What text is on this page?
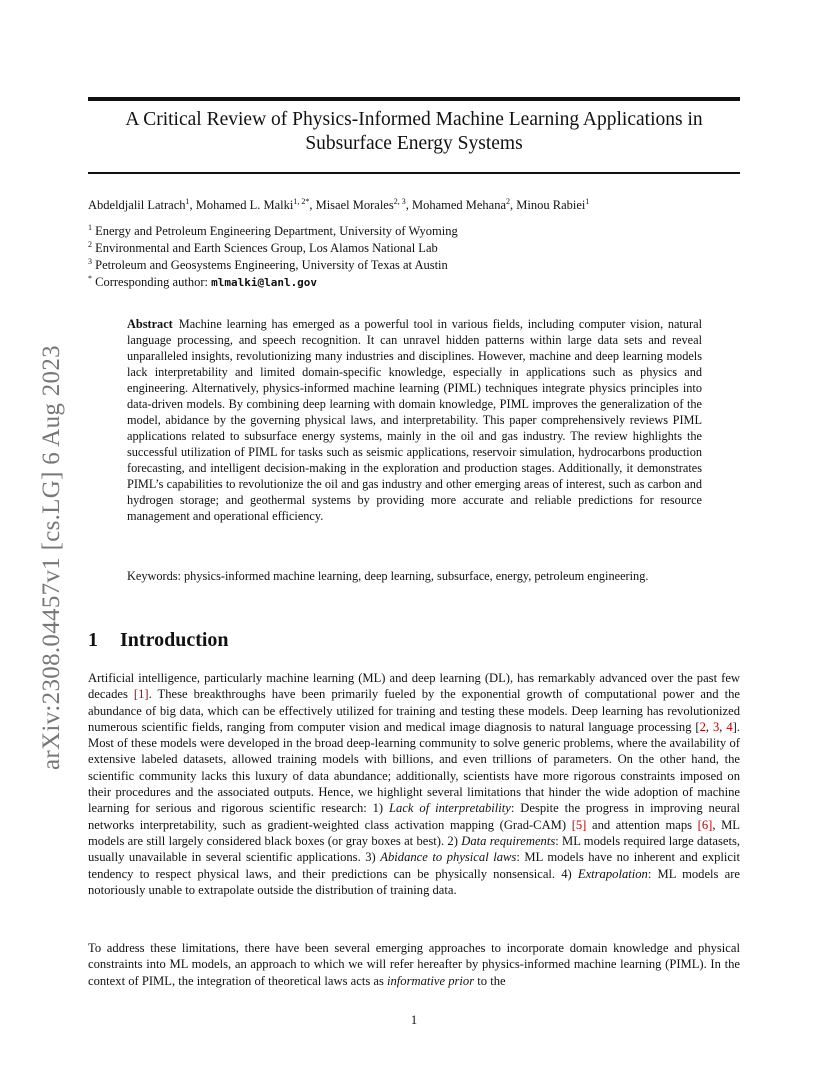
arXiv:2308.04457v1 [cs.LG] 6 Aug 2023
A Critical Review of Physics-Informed Machine Learning Applications in Subsurface Energy Systems
Abdeldjalil Latrach$^1$, Mohamed L. Malki$^{1, 2*}$, Misael Morales$^{2, 3}$, Mohamed Mehana$^2$, Minou Rabiei$^1$
$^1$ Energy and Petroleum Engineering Department, University of Wyoming
$^2$ Environmental and Earth Sciences Group, Los Alamos National Lab
$^3$ Petroleum and Geosystems Engineering, University of Texas at Austin
* Corresponding author: mlmalki@lanl.gov
Abstract Machine learning has emerged as a powerful tool in various fields, including computer vision, natural language processing, and speech recognition. It can unravel hidden patterns within large data sets and reveal unparalleled insights, revolutionizing many industries and disciplines. However, machine and deep learning models lack interpretability and limited domain-specific knowledge, especially in applications such as physics and engineering. Alternatively, physics-informed machine learning (PIML) techniques integrate physics principles into data-driven models. By combining deep learning with domain knowledge, PIML improves the generalization of the model, abidance by the governing physical laws, and interpretability. This paper comprehensively reviews PIML applications related to subsurface energy systems, mainly in the oil and gas industry. The review highlights the successful utilization of PIML for tasks such as seismic applications, reservoir simulation, hydrocarbons production forecasting, and intelligent decision-making in the exploration and production stages. Additionally, it demonstrates PIML’s capabilities to revolutionize the oil and gas industry and other emerging areas of interest, such as carbon and hydrogen storage; and geothermal systems by providing more accurate and reliable predictions for resource management and operational efficiency.
Keywords: physics-informed machine learning, deep learning, subsurface, energy, petroleum engineering.
1 Introduction
Artificial intelligence, particularly machine learning (ML) and deep learning (DL), has remarkably advanced over the past few decades [1]. These breakthroughs have been primarily fueled by the exponential growth of computational power and the abundance of big data, which can be effectively utilized for training and testing these models. Deep learning has revolutionized numerous scientific fields, ranging from computer vision and medical image diagnosis to natural language processing [2, 3, 4]. Most of these models were developed in the broad deep-learning community to solve generic problems, where the availability of extensive labeled datasets, allowed training models with billions, and even trillions of parameters. On the other hand, the scientific community lacks this luxury of data abundance; additionally, scientists have more rigorous constraints imposed on their procedures and the associated outputs. Hence, we highlight several limitations that hinder the wide adoption of machine learning for serious and rigorous scientific research: 1) Lack of interpretability: Despite the progress in improving neural networks interpretability, such as gradient-weighted class activation mapping (Grad-CAM) [5] and attention maps [6], ML models are still largely considered black boxes (or gray boxes at best). 2) Data requirements: ML models required large datasets, usually unavailable in several scientific applications. 3) Abidance to physical laws: ML models have no inherent and explicit tendency to respect physical laws, and their predictions can be physically nonsensical. 4) Extrapolation: ML models are notoriously unable to extrapolate outside the distribution of training data.
To address these limitations, there have been several emerging approaches to incorporate domain knowledge and physical constraints into ML models, an approach to which we will refer hereafter by physics-informed machine learning (PIML). In the context of PIML, the integration of theoretical laws acts as informative prior to the
1
